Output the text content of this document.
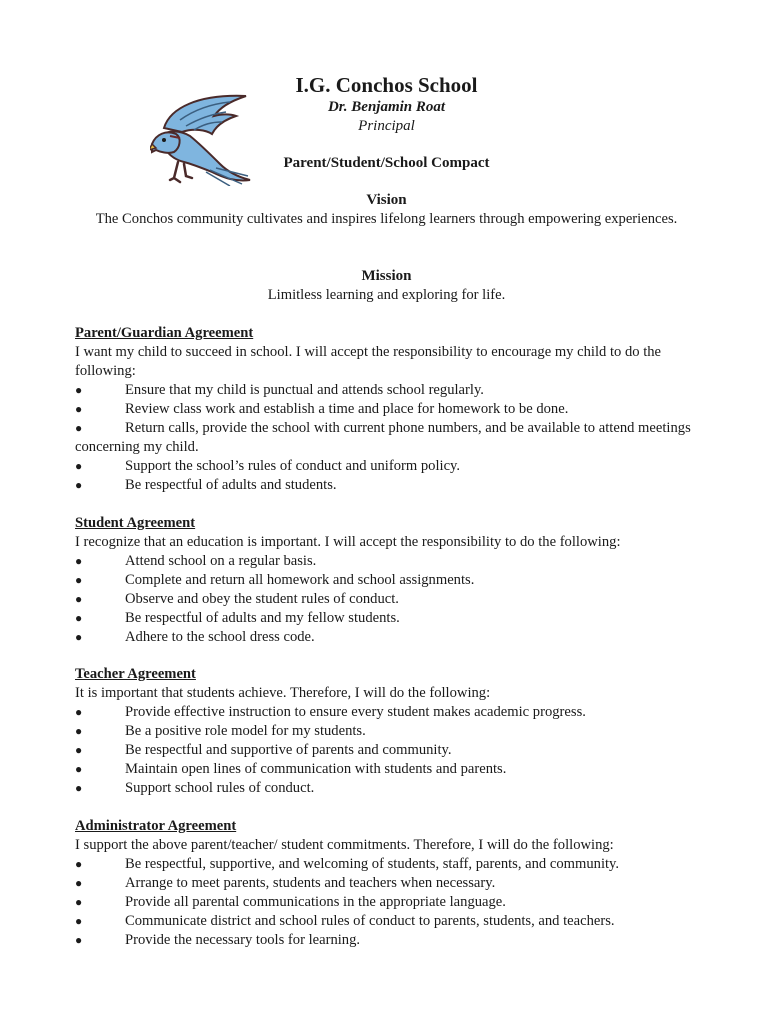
I.G. Conchos School
Dr. Benjamin Roat
Principal
Parent/Student/School Compact
Vision
The Conchos community cultivates and inspires lifelong learners through empowering experiences.
Mission
Limitless learning and exploring for life.
Parent/Guardian Agreement
I want my child to succeed in school. I will accept the responsibility to encourage my child to do the following:
●	Ensure that my child is punctual and attends school regularly.
●	Review class work and establish a time and place for homework to be done.
●	Return calls, provide the school with current phone numbers, and be available to attend meetings concerning my child.
●	Support the school’s rules of conduct and uniform policy.
●	Be respectful of adults and students.
Student Agreement
I recognize that an education is important. I will accept the responsibility to do the following:
●	Attend school on a regular basis.
●	Complete and return all homework and school assignments.
●	Observe and obey the student rules of conduct.
●	Be respectful of adults and my fellow students.
●	Adhere to the school dress code.
Teacher Agreement
It is important that students achieve. Therefore, I will do the following:
●	Provide effective instruction to ensure every student makes academic progress.
●	Be a positive role model for my students.
●	Be respectful and supportive of parents and community.
●	Maintain open lines of communication with students and parents.
●	Support school rules of conduct.
Administrator Agreement
I support the above parent/teacher/ student commitments. Therefore, I will do the following:
●	Be respectful, supportive, and welcoming of students, staff, parents, and community.
●	Arrange to meet parents, students and teachers when necessary.
●	Provide all parental communications in the appropriate language.
●	Communicate district and school rules of conduct to parents, students, and teachers.
●	Provide the necessary tools for learning.
